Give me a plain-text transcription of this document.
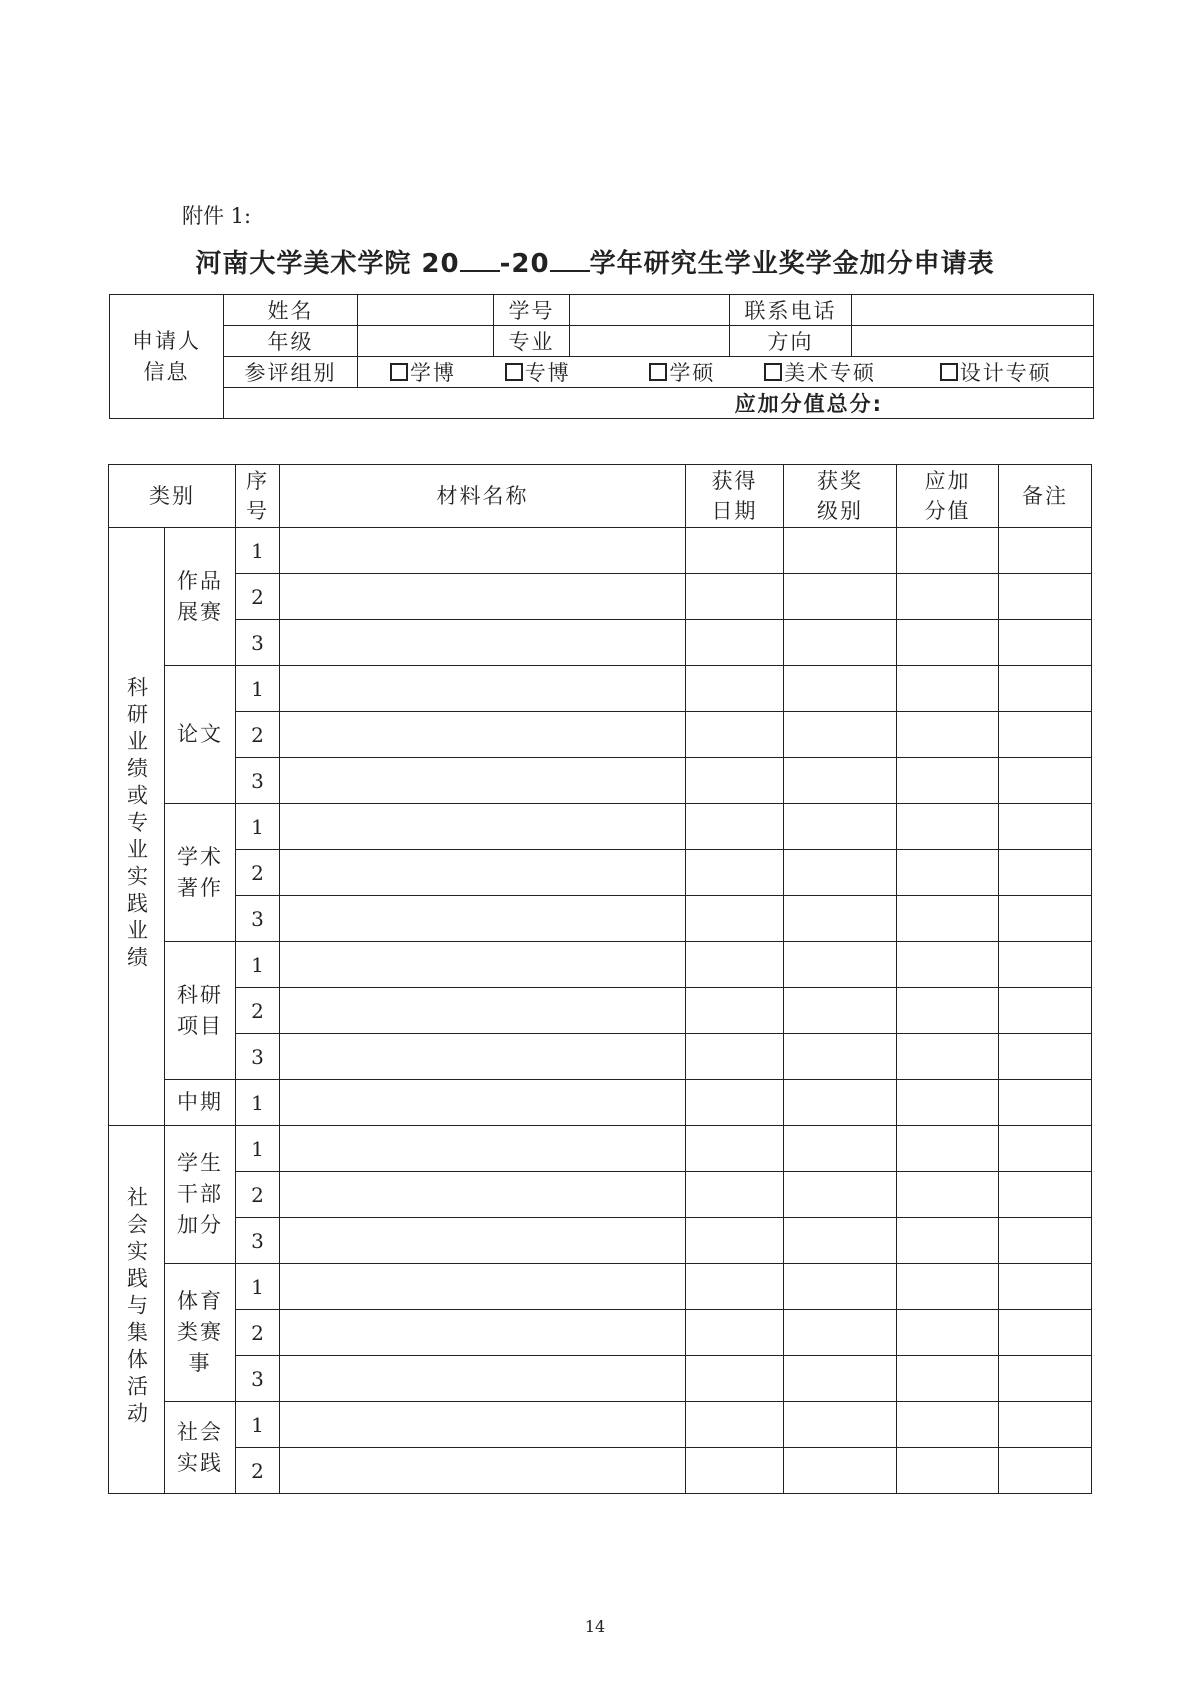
附件 1:
河南大学美术学院 20 -20 学年研究生学业奖学金加分申请表
申请人信息	姓名		学号		联系电话	
	年级		专业		方向	
	参评组别	学博 专博 学硕 美术专硕 设计专硕				
	应加分值总分:					
类别		序号	材料名称	获得日期	获奖级别	应加分值	备注
科研业绩或专业实践业绩	作品展赛	1					
		2					
		3					
	论文	1					
		2					
		3					
	学术著作	1					
		2					
		3					
	科研项目	1					
		2					
		3					
	中期	1					
社会实践与集体活动	学生干部加分	1					
		2					
		3					
	体育类赛事	1					
		2					
		3					
	社会实践	1					
		2					
14
